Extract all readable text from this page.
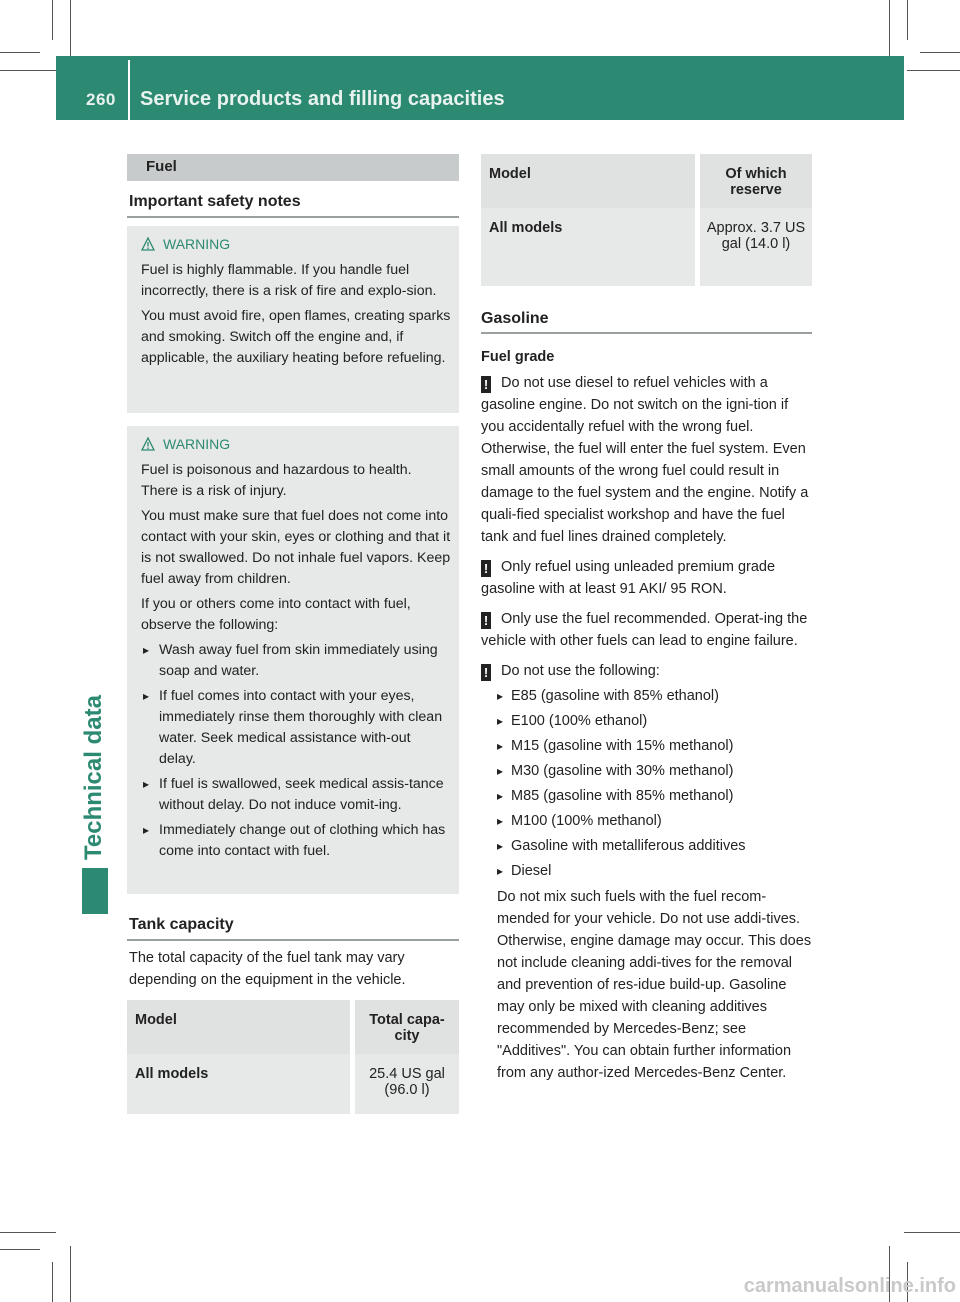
260 Service products and filling capacities
Technical data
Fuel
Important safety notes
WARNING

Fuel is highly flammable. If you handle fuel incorrectly, there is a risk of fire and explo-sion.

You must avoid fire, open flames, creating sparks and smoking. Switch off the engine and, if applicable, the auxiliary heating before refueling.

WARNING

Fuel is poisonous and hazardous to health. There is a risk of injury.

You must make sure that fuel does not come into contact with your skin, eyes or clothing and that it is not swallowed. Do not inhale fuel vapors. Keep fuel away from children.

If you or others come into contact with fuel, observe the following:

▸ Wash away fuel from skin immediately using soap and water.
▸ If fuel comes into contact with your eyes, immediately rinse them thoroughly with clean water. Seek medical assistance with-out delay.
▸ If fuel is swallowed, seek medical assis-tance without delay. Do not induce vomit-ing.
▸ Immediately change out of clothing which has come into contact with fuel.
Tank capacity
The total capacity of the fuel tank may vary depending on the equipment in the vehicle.
Model		Total capa-city
All models		25.4 US gal (96.0 l)
Model		Of which reserve
All models		Approx. 3.7 US gal (14.0 l)
Gasoline
Fuel grade
! Do not use diesel to refuel vehicles with a gasoline engine. Do not switch on the igni-tion if you accidentally refuel with the wrong fuel. Otherwise, the fuel will enter the fuel system. Even small amounts of the wrong fuel could result in damage to the fuel system and the engine. Notify a quali-fied specialist workshop and have the fuel tank and fuel lines drained completely.
! Only refuel using unleaded premium grade gasoline with at least 91 AKI/ 95 RON.
! Only use the fuel recommended. Operat-ing the vehicle with other fuels can lead to engine failure.
! Do not use the following:
▸ E85 (gasoline with 85% ethanol)
▸ E100 (100% ethanol)
▸ M15 (gasoline with 15% methanol)
▸ M30 (gasoline with 30% methanol)
▸ M85 (gasoline with 85% methanol)
▸ M100 (100% methanol)
▸ Gasoline with metalliferous additives
▸ Diesel
Do not mix such fuels with the fuel recom-mended for your vehicle. Do not use addi-tives. Otherwise, engine damage may occur. This does not include cleaning addi-tives for the removal and prevention of res-idue build-up. Gasoline may only be mixed with cleaning additives recommended by Mercedes-Benz; see "Additives". You can obtain further information from any author-ized Mercedes-Benz Center.
carmanualsonline.info
